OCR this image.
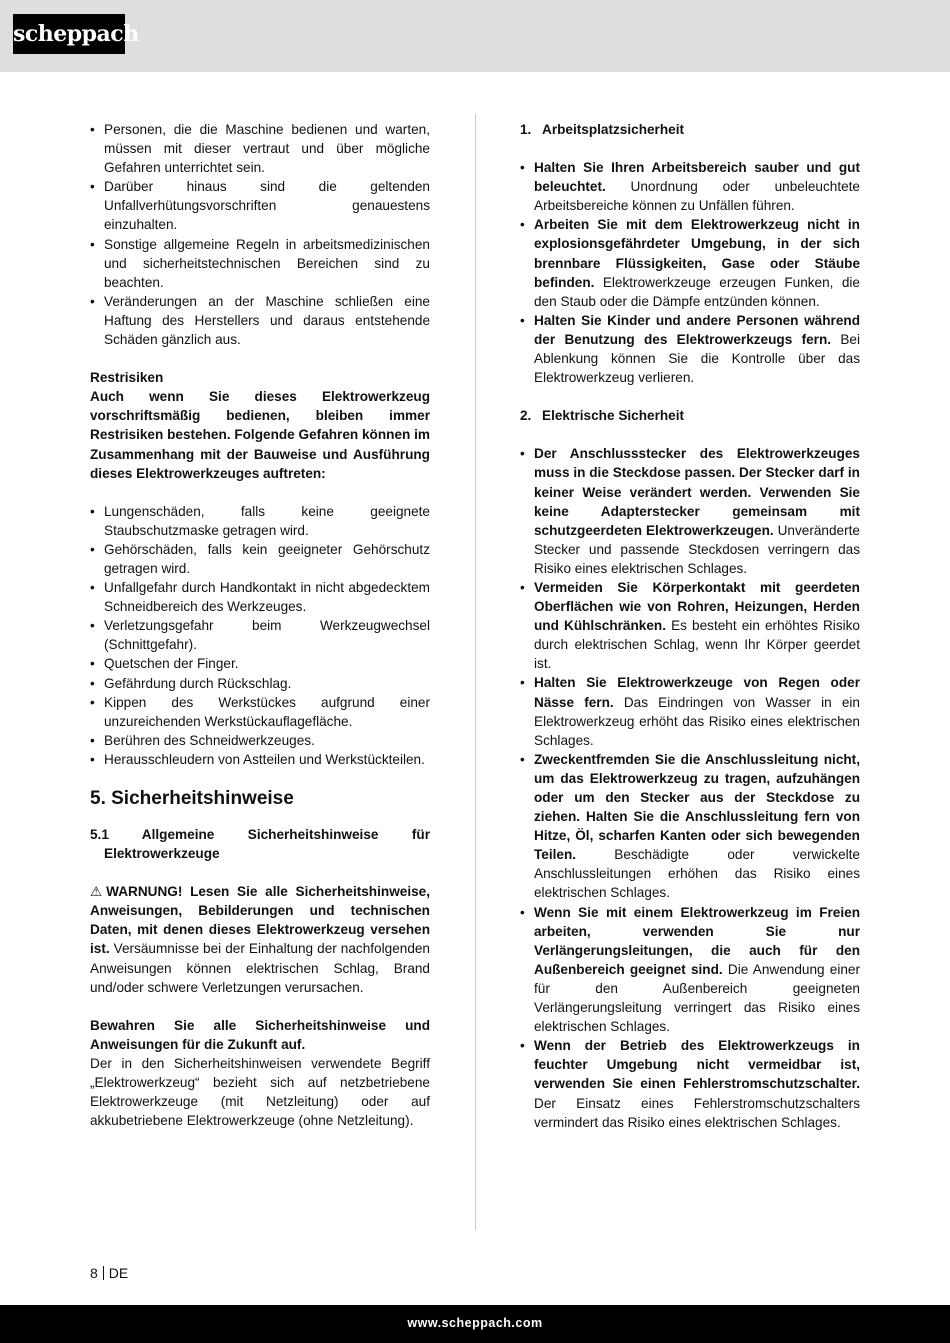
scheppach
• Personen, die die Maschine bedienen und warten, müssen mit dieser vertraut und über mögliche Gefahren unterrichtet sein.
• Darüber hinaus sind die geltenden Unfallverhütungsvorschriften genauestens einzuhalten.
• Sonstige allgemeine Regeln in arbeitsmedizinischen und sicherheitstechnischen Bereichen sind zu beachten.
• Veränderungen an der Maschine schließen eine Haftung des Herstellers und daraus entstehende Schäden gänzlich aus.

Restrisiken

Auch wenn Sie dieses Elektrowerkzeug vorschriftsmäßig bedienen, bleiben immer Restrisiken bestehen. Folgende Gefahren können im Zusammenhang mit der Bauweise und Ausführung dieses Elektrowerkzeuges auftreten:

• Lungenschäden, falls keine geeignete Staubschutzmaske getragen wird.
• Gehörschäden, falls kein geeigneter Gehörschutz getragen wird.
• Unfallgefahr durch Handkontakt in nicht abgedecktem Schneidbereich des Werkzeuges.
• Verletzungsgefahr beim Werkzeugwechsel (Schnittgefahr).
• Quetschen der Finger.
• Gefährdung durch Rückschlag.
• Kippen des Werkstückes aufgrund einer unzureichenden Werkstückauflagefläche.
• Berühren des Schneidwerkzeuges.
• Herausschleudern von Astteilen und Werkstückteilen.
5. Sicherheitshinweise

5.1 Allgemeine Sicherheitshinweise für Elektrowerkzeuge

⚠WARNUNG! Lesen Sie alle Sicherheitshinweise, Anweisungen, Bebilderungen und technischen Daten, mit denen dieses Elektrowerkzeug versehen ist. Versäumnisse bei der Einhaltung der nachfolgenden Anweisungen können elektrischen Schlag, Brand und/oder schwere Verletzungen verursachen.

Bewahren Sie alle Sicherheitshinweise und Anweisungen für die Zukunft auf.

Der in den Sicherheitshinweisen verwendete Begriff „Elektrowerkzeug“ bezieht sich auf netzbetriebene Elektrowerkzeuge (mit Netzleitung) oder auf akkubetriebene Elektrowerkzeuge (ohne Netzleitung).

1. Arbeitsplatzsicherheit

• Halten Sie Ihren Arbeitsbereich sauber und gut beleuchtet. Unordnung oder unbeleuchtete Arbeitsbereiche können zu Unfällen führen.
• Arbeiten Sie mit dem Elektrowerkzeug nicht in explosionsgefährdeter Umgebung, in der sich brennbare Flüssigkeiten, Gase oder Stäube befinden. Elektrowerkzeuge erzeugen Funken, die den Staub oder die Dämpfe entzünden können.
• Halten Sie Kinder und andere Personen während der Benutzung des Elektrowerkzeugs fern. Bei Ablenkung können Sie die Kontrolle über das Elektrowerkzeug verlieren.

2. Elektrische Sicherheit

• Der Anschlussstecker des Elektrowerkzeuges muss in die Steckdose passen. Der Stecker darf in keiner Weise verändert werden. Verwenden Sie keine Adapterstecker gemeinsam mit schutzgeerdeten Elektrowerkzeugen. Unveränderte Stecker und passende Steckdosen verringern das Risiko eines elektrischen Schlages.
• Vermeiden Sie Körperkontakt mit geerdeten Oberflächen wie von Rohren, Heizungen, Herden und Kühlschränken. Es besteht ein erhöhtes Risiko durch elektrischen Schlag, wenn Ihr Körper geerdet ist.
• Halten Sie Elektrowerkzeuge von Regen oder Nässe fern. Das Eindringen von Wasser in ein Elektrowerkzeug erhöht das Risiko eines elektrischen Schlages.
• Zweckentfremden Sie die Anschlussleitung nicht, um das Elektrowerkzeug zu tragen, aufzuhängen oder um den Stecker aus der Steckdose zu ziehen. Halten Sie die Anschlussleitung fern von Hitze, Öl, scharfen Kanten oder sich bewegenden Teilen. Beschädigte oder verwickelte Anschlussleitungen erhöhen das Risiko eines elektrischen Schlages.
• Wenn Sie mit einem Elektrowerkzeug im Freien arbeiten, verwenden Sie nur Verlängerungsleitungen, die auch für den Außenbereich geeignet sind. Die Anwendung einer für den Außenbereich geeigneten Verlängerungsleitung verringert das Risiko eines elektrischen Schlages.
• Wenn der Betrieb des Elektrowerkzeugs in feuchter Umgebung nicht vermeidbar ist, verwenden Sie einen Fehlerstromschutzschalter. Der Einsatz eines Fehlerstromschutzschalters vermindert das Risiko eines elektrischen Schlages.
8 DE
www.scheppach.com
